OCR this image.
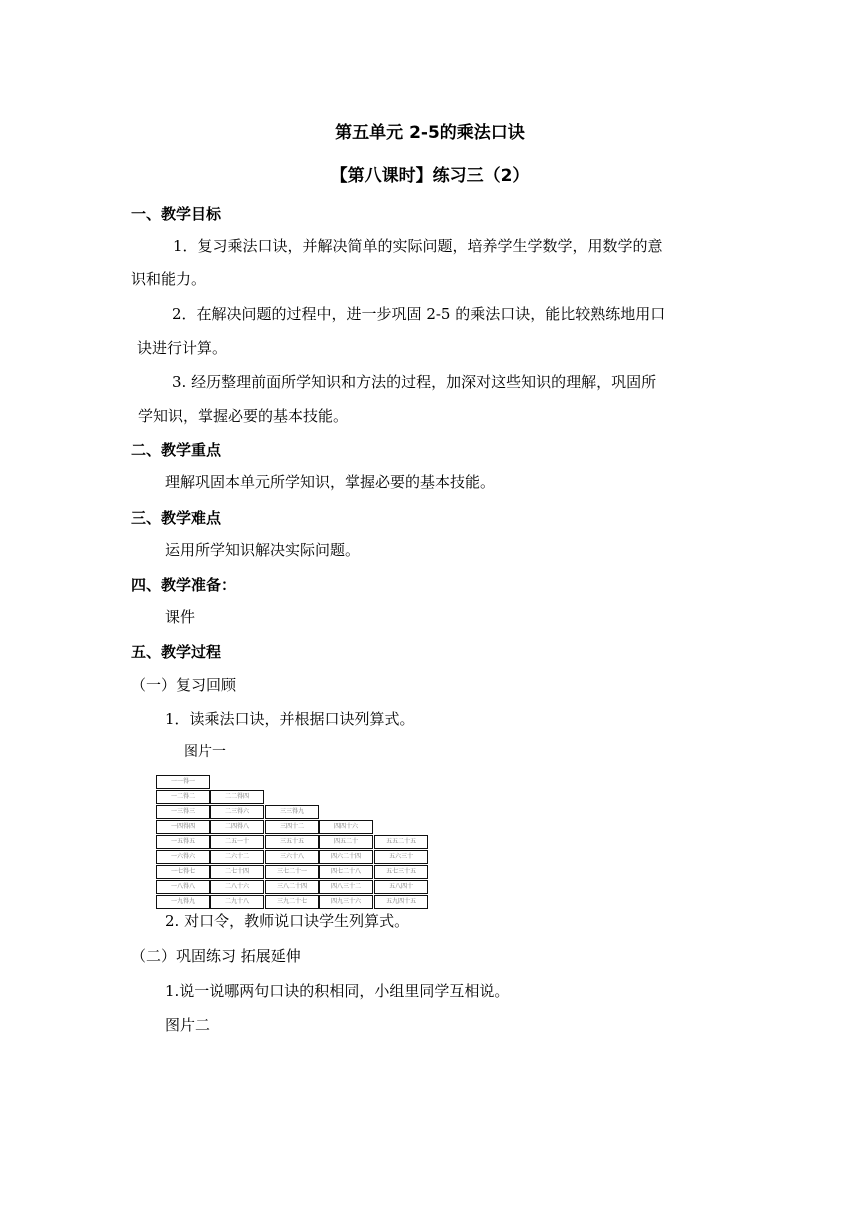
第五单元 2-5的乘法口诀
【第八课时】练习三（2）
一、教学目标
1．复习乘法口诀，并解决简单的实际问题，培养学生学数学，用数学的意
识和能力。
2．在解决问题的过程中，进一步巩固 2-5 的乘法口诀，能比较熟练地用口
诀进行计算。
3. 经历整理前面所学知识和方法的过程，加深对这些知识的理解，巩固所
学知识，掌握必要的基本技能。
二、教学重点
理解巩固本单元所学知识，掌握必要的基本技能。
三、教学难点
运用所学知识解决实际问题。
四、教学准备：
课件
五、教学过程
（一）复习回顾
1．读乘法口诀，并根据口诀列算式。
图片一
一一得一
一二得二	二二得四
一三得三	二三得六	三三得九
一四得四	二四得八	三四十二	四四十六
一五得五	二五一十	三五十五	四五二十	五五二十五
一六得六	二六十二	三六十八	四六二十四	五六三十
一七得七	二七十四	三七二十一	四七二十八	五七三十五
一八得八	二八十六	三八二十四	四八三十二	五八四十
一九得九	二九十八	三九二十七	四九三十六	五九四十五
2. 对口令，教师说口诀学生列算式。
（二）巩固练习 拓展延伸
1.说一说哪两句口诀的积相同，小组里同学互相说。
图片二
